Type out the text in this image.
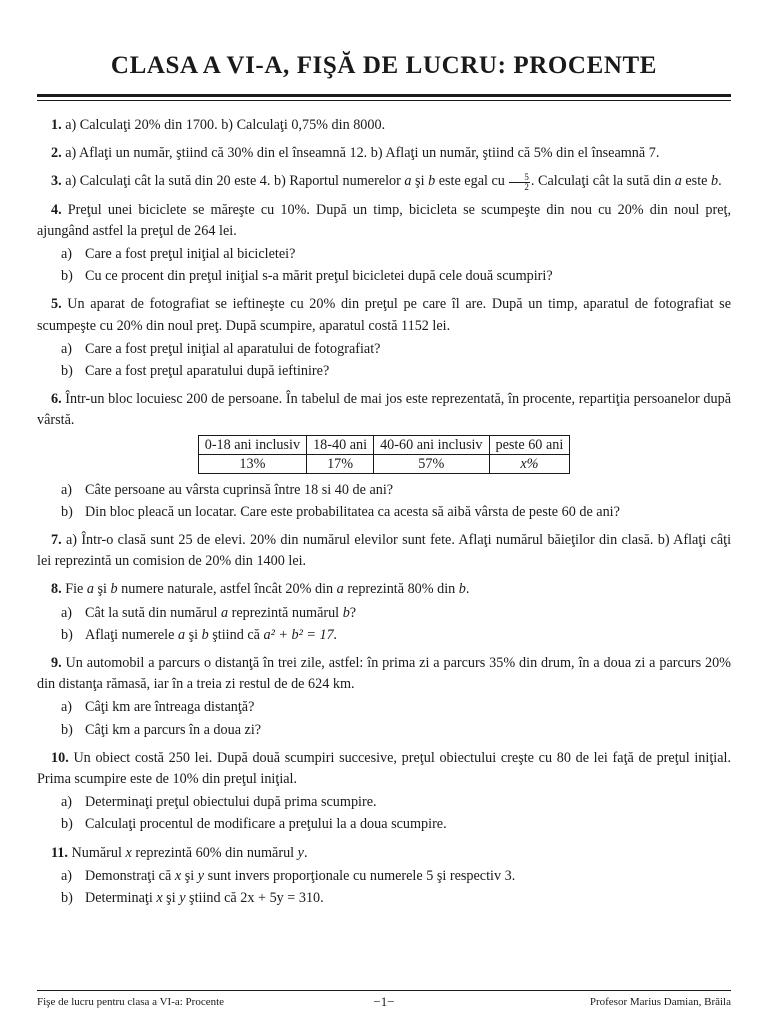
CLASA A VI-A, FIŞĂ DE LUCRU: PROCENTE

1. a) Calculaţi 20% din 1700. b) Calculaţi 0,75% din 8000.

2. a) Aflaţi un număr, ştiind că 30% din el înseamnă 12. b) Aflaţi un număr, ştiind că 5% din el înseamnă 7.

3. a) Calculaţi cât la sută din 20 este 4. b) Raportul numerelor a şi b este egal cu $\frac{5}{2}$ . Calculaţi cât la sută din a este b.

4. Preţul unei biciclete se măreşte cu 10%. După un timp, bicicleta se scumpeşte din nou cu 20% din noul preţ, ajungând astfel la preţul de 264 lei.

a) Care a fost preţul iniţial al bicicletei?
b) Cu ce procent din preţul iniţial s-a mărit preţul bicicletei după cele două scumpiri?

5. Un aparat de fotografiat se ieftineşte cu 20% din preţul pe care îl are. După un timp, aparatul de fotografiat se scumpeşte cu 20% din noul preţ. După scumpire, aparatul costă 1152 lei.

a) Care a fost preţul iniţial al aparatului de fotografiat?
b) Care a fost preţul aparatului după ieftinire?

6. Într-un bloc locuiesc 200 de persoane. În tabelul de mai jos este reprezentată, în procente, repartiţia persoanelor după vârstă.

0-18 ani inclusiv	18-40 ani	40-60 ani inclusiv	peste 60 ani
13%	17%	57%	x%
a) Câte persoane au vârsta cuprinsă între 18 si 40 de ani?
b) Din bloc pleacă un locatar. Care este probabilitatea ca acesta să aibă vârsta de peste 60 de ani?

7. a) Într-o clasă sunt 25 de elevi. 20% din numărul elevilor sunt fete. Aflaţi numărul băieţilor din clasă. b) Aflaţi câţi lei reprezintă un comision de 20% din 1400 lei.

8. Fie a şi b numere naturale, astfel încât 20% din a reprezintă 80% din b.

a) Cât la sută din numărul a reprezintă numărul b?
b) Aflaţi numerele a şi b ştiind că a² + b² = 17.

9. Un automobil a parcurs o distanţă în trei zile, astfel: în prima zi a parcurs 35% din drum, în a doua zi a parcurs 20% din distanţa rămasă, iar în a treia zi restul de de 624 km.

a) Câţi km are întreaga distanţă?
b) Câţi km a parcurs în a doua zi?

10. Un obiect costă 250 lei. După două scumpiri succesive, preţul obiectului creşte cu 80 de lei faţă de preţul iniţial. Prima scumpire este de 10% din preţul iniţial.

a) Determinaţi preţul obiectului după prima scumpire.
b) Calculaţi procentul de modificare a preţului la a doua scumpire.

11. Numărul x reprezintă 60% din numărul y.

a) Demonstraţi că x şi y sunt invers proporţionale cu numerele 5 şi respectiv 3.
b) Determinaţi x şi y ştiind că 2x + 5y = 310.
Fişe de lucru pentru clasa a VI-a: Procente	−1−	Profesor Marius Damian, Brăila
